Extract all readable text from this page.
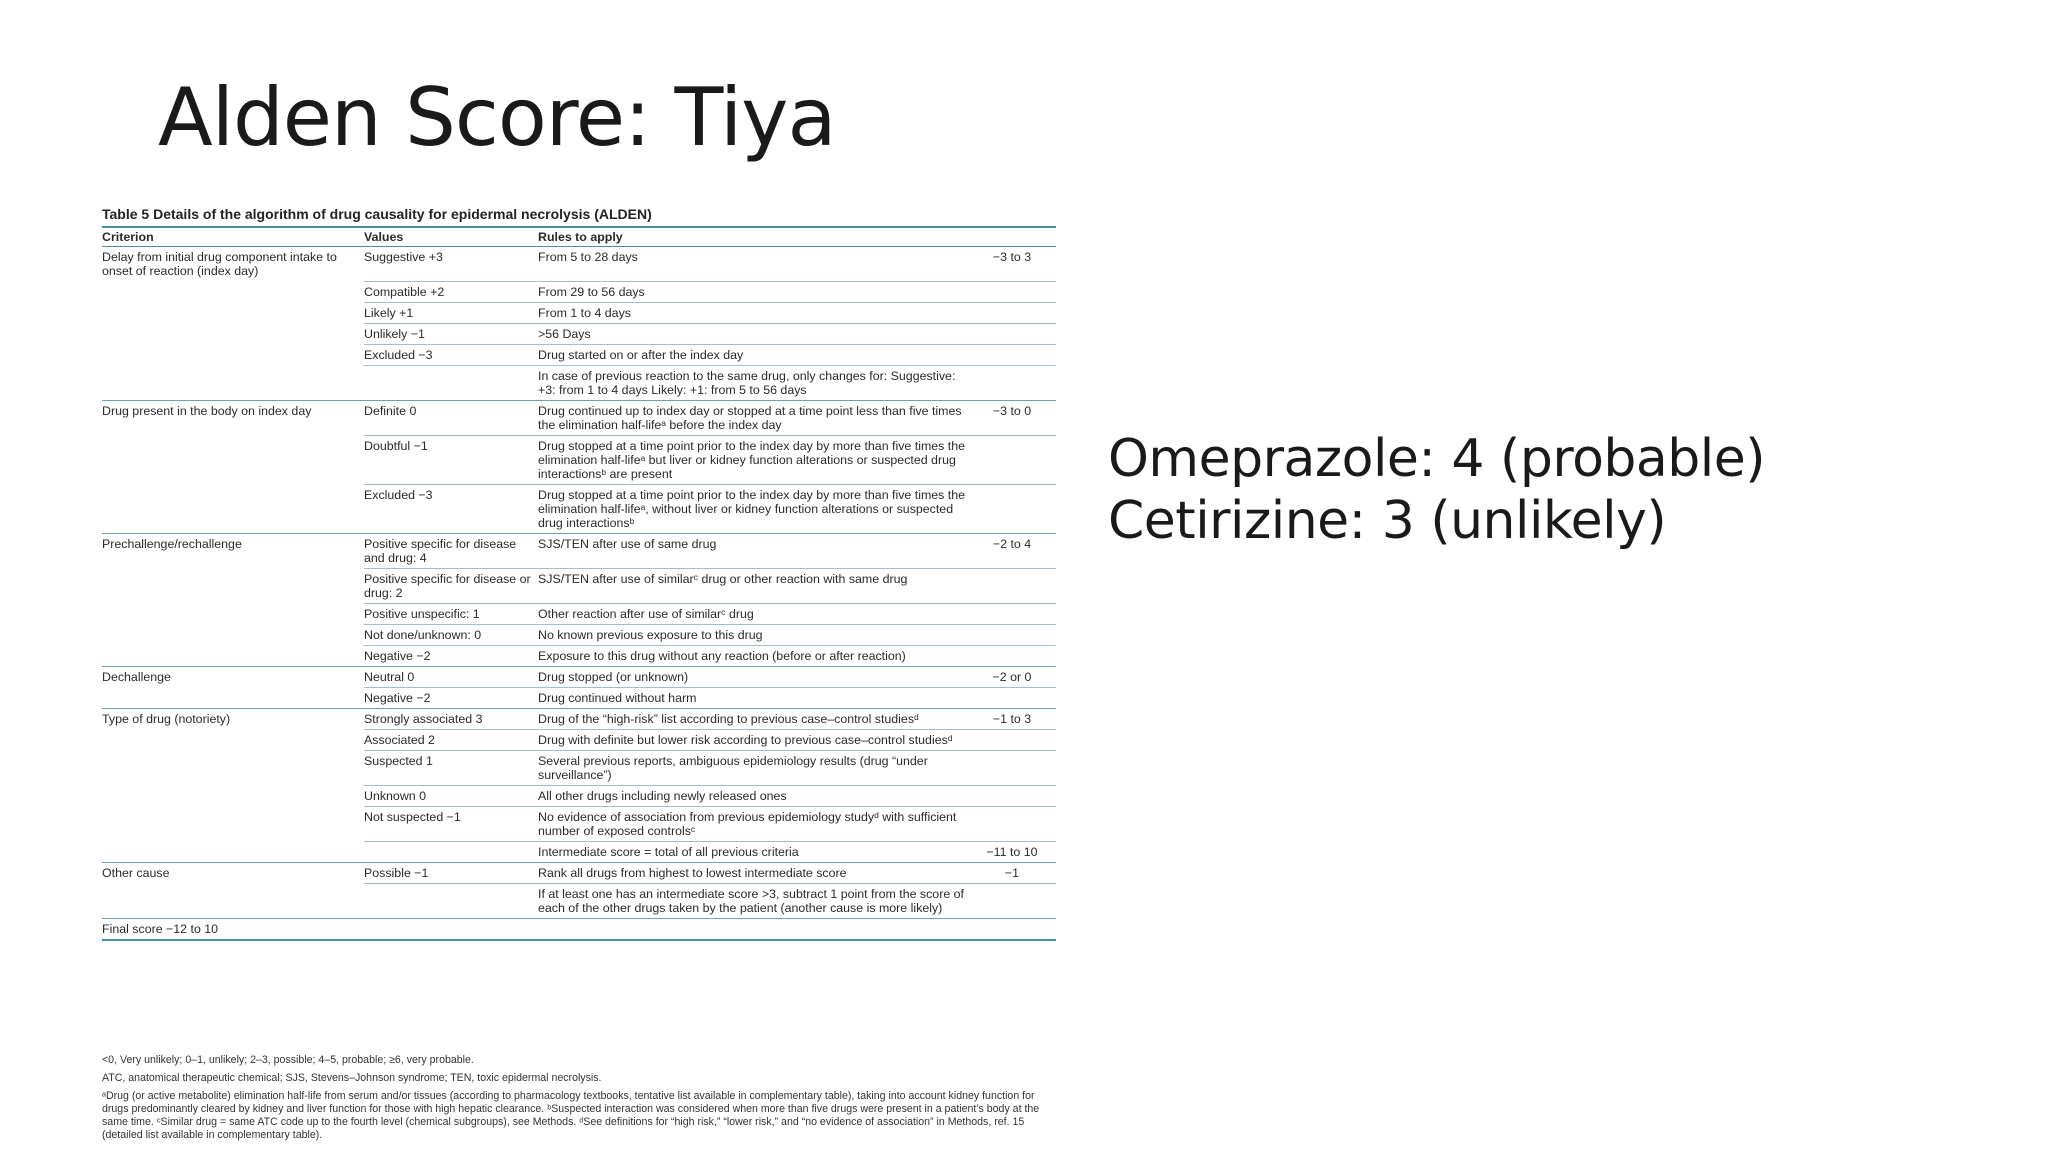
Alden Score: Tiya
Table 5 Details of the algorithm of drug causality for epidermal necrolysis (ALDEN)
Criterion	Values	Rules to apply	
Delay from initial drug component intake to onset of reaction (index day)	Suggestive +3	From 5 to 28 days	−3 to 3
	Compatible +2	From 29 to 56 days	
	Likely +1	From 1 to 4 days	
	Unlikely −1	>56 Days	
	Excluded −3	Drug started on or after the index day	
		In case of previous reaction to the same drug, only changes for: Suggestive: +3: from 1 to 4 days Likely: +1: from 5 to 56 days	
Drug present in the body on index day	Definite 0	Drug continued up to index day or stopped at a time point less than five times the elimination half-lifeᵃ before the index day	−3 to 0
	Doubtful −1	Drug stopped at a time point prior to the index day by more than five times the elimination half-lifeᵃ but liver or kidney function alterations or suspected drug interactionsᵇ are present	
	Excluded −3	Drug stopped at a time point prior to the index day by more than five times the elimination half-lifeᵃ, without liver or kidney function alterations or suspected drug interactionsᵇ	
Prechallenge/rechallenge	Positive specific for disease and drug: 4	SJS/TEN after use of same drug	−2 to 4
	Positive specific for disease or drug: 2	SJS/TEN after use of similarᶜ drug or other reaction with same drug	
	Positive unspecific: 1	Other reaction after use of similarᶜ drug	
	Not done/unknown: 0	No known previous exposure to this drug	
	Negative −2	Exposure to this drug without any reaction (before or after reaction)	
Dechallenge	Neutral 0	Drug stopped (or unknown)	−2 or 0
	Negative −2	Drug continued without harm	
Type of drug (notoriety)	Strongly associated 3	Drug of the “high-risk” list according to previous case–control studiesᵈ	−1 to 3
	Associated 2	Drug with definite but lower risk according to previous case–control studiesᵈ	
	Suspected 1	Several previous reports, ambiguous epidemiology results (drug “under surveillance”)	
	Unknown 0	All other drugs including newly released ones	
	Not suspected −1	No evidence of association from previous epidemiology studyᵈ with sufficient number of exposed controlsᶜ	
		Intermediate score = total of all previous criteria	−11 to 10
Other cause	Possible −1	Rank all drugs from highest to lowest intermediate score	−1
		If at least one has an intermediate score >3, subtract 1 point from the score of each of the other drugs taken by the patient (another cause is more likely)	
Final score −12 to 10			

<0, Very unlikely; 0–1, unlikely; 2–3, possible; 4–5, probable; ≥6, very probable.

ATC, anatomical therapeutic chemical; SJS, Stevens–Johnson syndrome; TEN, toxic epidermal necrolysis.

ᵃDrug (or active metabolite) elimination half-life from serum and/or tissues (according to pharmacology textbooks, tentative list available in complementary table), taking into account kidney function for drugs predominantly cleared by kidney and liver function for those with high hepatic clearance. ᵇSuspected interaction was considered when more than five drugs were present in a patient’s body at the same time. ᶜSimilar drug = same ATC code up to the fourth level (chemical subgroups), see Methods. ᵈSee definitions for “high risk,” “lower risk,” and “no evidence of association” in Methods, ref. 15 (detailed list available in complementary table).

Omeprazole: 4 (probable)
Cetirizine: 3 (unlikely)
